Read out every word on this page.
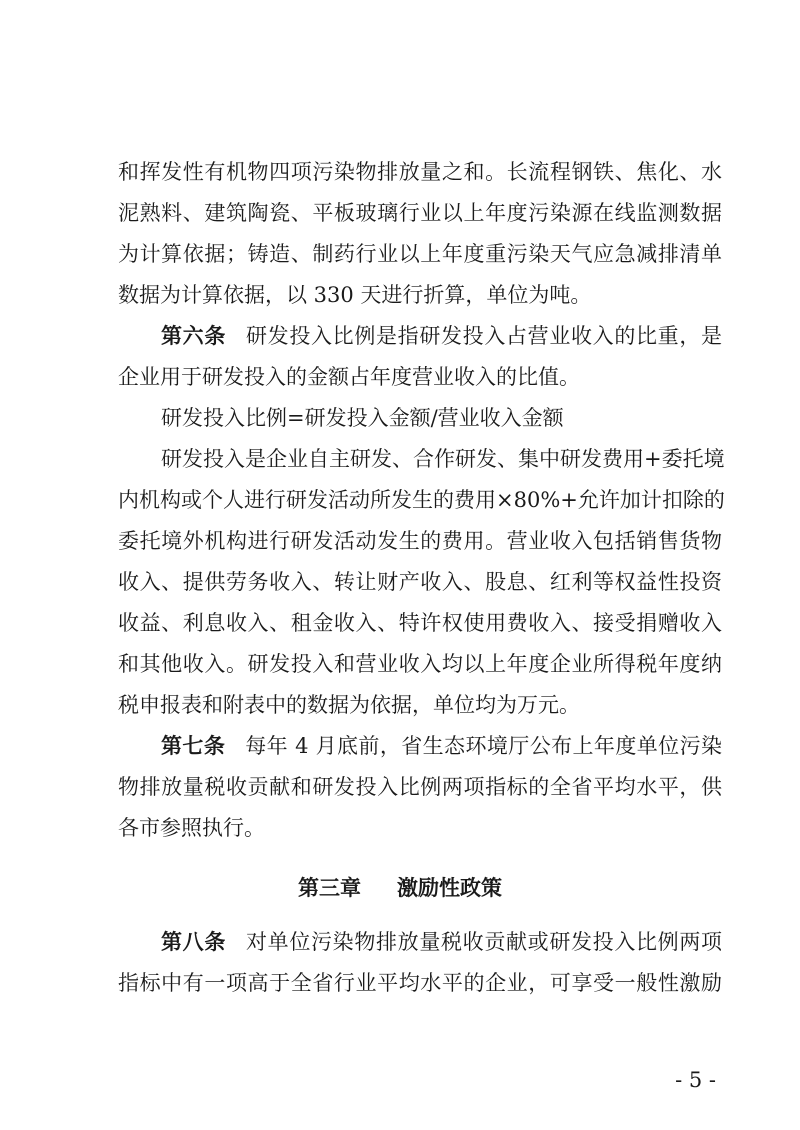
和挥发性有机物四项污染物排放量之和。长流程钢铁、焦化、水
泥熟料、建筑陶瓷、平板玻璃行业以上年度污染源在线监测数据
为计算依据；铸造、制药行业以上年度重污染天气应急减排清单
数据为计算依据，以 330 天进行折算，单位为吨。
第六条 研发投入比例是指研发投入占营业收入的比重，是
企业用于研发投入的金额占年度营业收入的比值。
研发投入比例=研发投入金额/营业收入金额
研发投入是企业自主研发、合作研发、集中研发费用+委托境
内机构或个人进行研发活动所发生的费用×80%+允许加计扣除的
委托境外机构进行研发活动发生的费用。营业收入包括销售货物
收入、提供劳务收入、转让财产收入、股息、红利等权益性投资
收益、利息收入、租金收入、特许权使用费收入、接受捐赠收入
和其他收入。研发投入和营业收入均以上年度企业所得税年度纳
税申报表和附表中的数据为依据，单位均为万元。
第七条 每年 4 月底前，省生态环境厅公布上年度单位污染
物排放量税收贡献和研发投入比例两项指标的全省平均水平，供
各市参照执行。
第三章 激励性政策
第八条 对单位污染物排放量税收贡献或研发投入比例两项
指标中有一项高于全省行业平均水平的企业，可享受一般性激励
- 5 -
